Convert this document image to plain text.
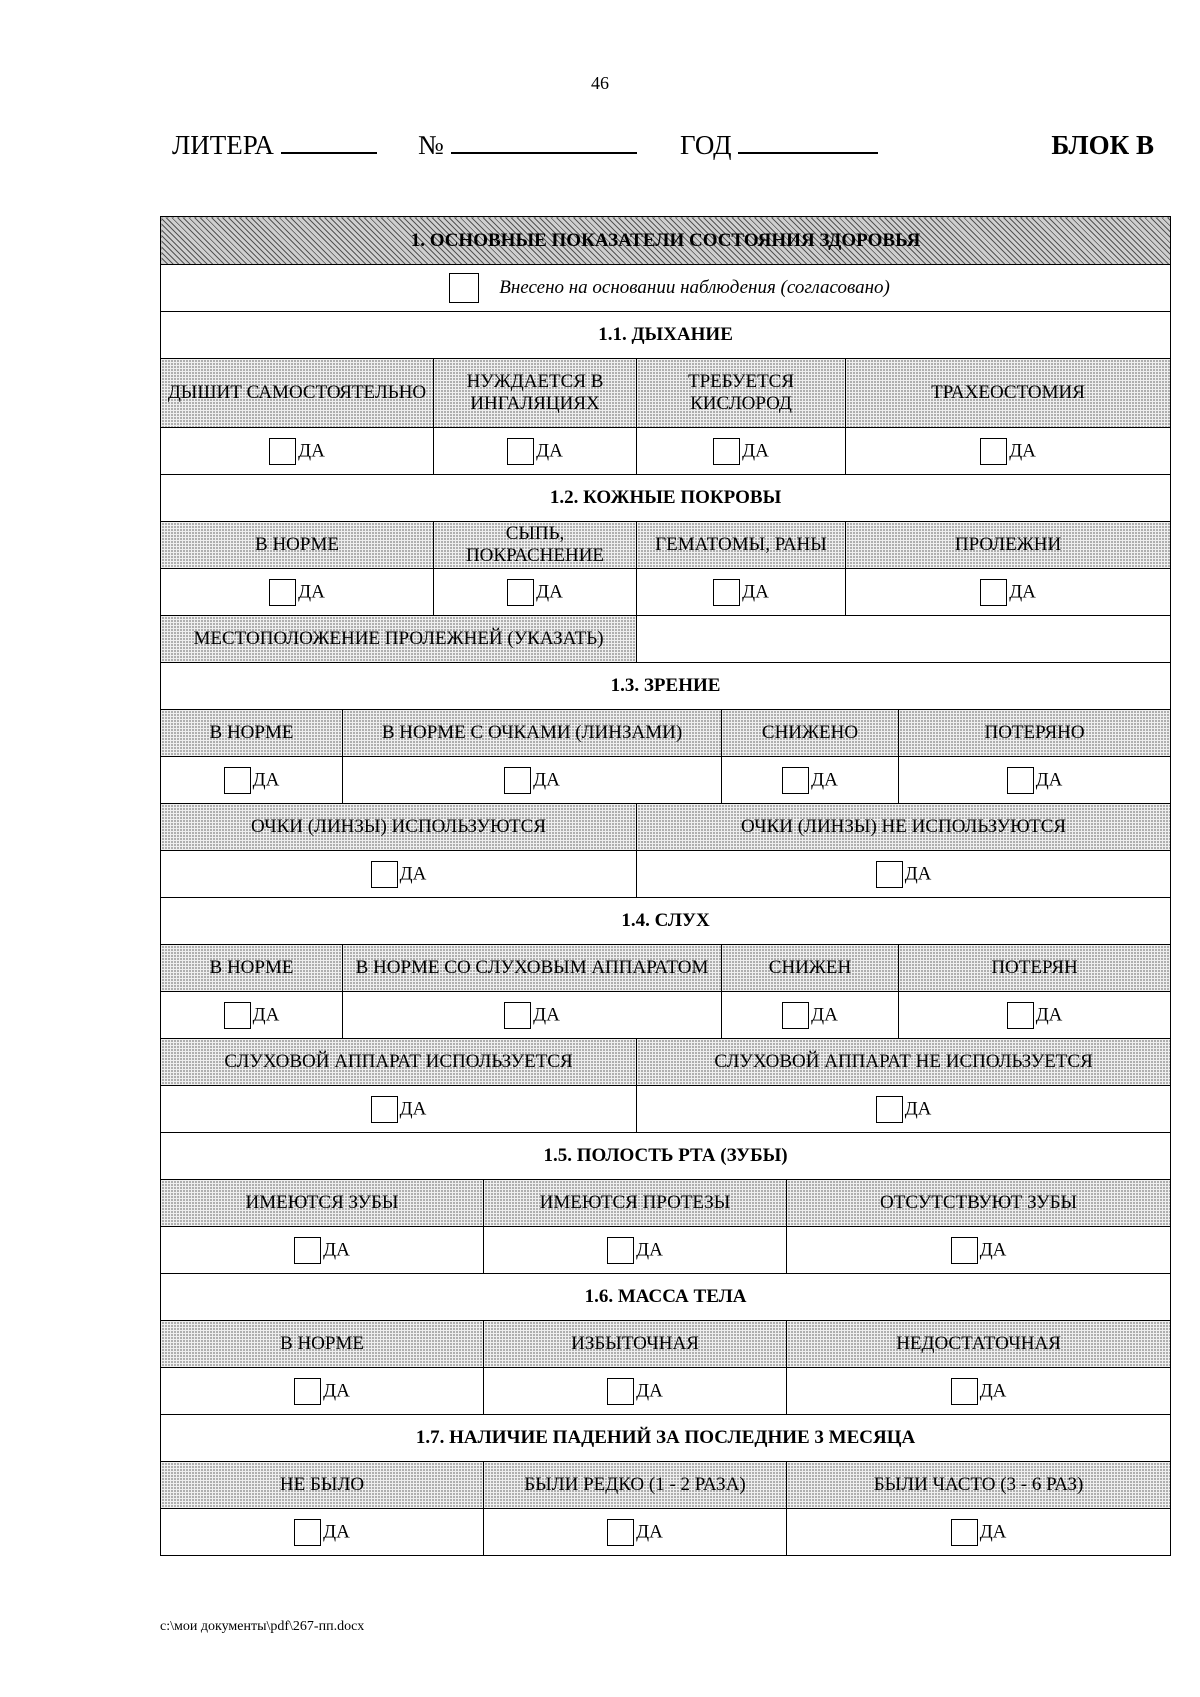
46
ЛИТЕРА	№	ГОД	БЛОК В
1. ОСНОВНЫЕ ПОКАЗАТЕЛИ СОСТОЯНИЯ ЗДОРОВЬЯ								
Внесено на основании наблюдения (согласовано)								
1.1. ДЫХАНИЕ								
ДЫШИТ САМОСТОЯТЕЛЬНО		НУЖДАЕТСЯ В ИНГАЛЯЦИЯХ		ТРЕБУЕТСЯ КИСЛОРОД			ТРАХЕОСТОМИЯ	
ДА		ДА		ДА			ДА	
1.2. КОЖНЫЕ ПОКРОВЫ								
В НОРМЕ		СЫПЬ, ПОКРАСНЕНИЕ		ГЕМАТОМЫ, РАНЫ			ПРОЛЕЖНИ	
ДА		ДА		ДА			ДА	
МЕСТОПОЛОЖЕНИЕ ПРОЛЕЖНЕЙ (УКАЗАТЬ)								
1.3. ЗРЕНИЕ								
В НОРМЕ	В НОРМЕ С ОЧКАМИ (ЛИНЗАМИ)				СНИЖЕНО			ПОТЕРЯНО
ДА	ДА				ДА			ДА
ОЧКИ (ЛИНЗЫ) ИСПОЛЬЗУЮТСЯ				ОЧКИ (ЛИНЗЫ) НЕ ИСПОЛЬЗУЮТСЯ				
ДА				ДА				
1.4. СЛУХ								
В НОРМЕ	В НОРМЕ СО СЛУХОВЫМ АППАРАТОМ				СНИЖЕН			ПОТЕРЯН
ДА	ДА				ДА			ДА
СЛУХОВОЙ АППАРАТ ИСПОЛЬЗУЕТСЯ				СЛУХОВОЙ АППАРАТ НЕ ИСПОЛЬЗУЕТСЯ				
ДА				ДА				
1.5. ПОЛОСТЬ РТА (ЗУБЫ)								
ИМЕЮТСЯ ЗУБЫ			ИМЕЮТСЯ ПРОТЕЗЫ			ОТСУТСТВУЮТ ЗУБЫ		
ДА			ДА			ДА		
1.6. МАССА ТЕЛА								
В НОРМЕ			ИЗБЫТОЧНАЯ			НЕДОСТАТОЧНАЯ		
ДА			ДА			ДА		
1.7. НАЛИЧИЕ ПАДЕНИЙ ЗА ПОСЛЕДНИЕ 3 МЕСЯЦА								
НЕ БЫЛО			БЫЛИ РЕДКО (1 - 2 РАЗА)			БЫЛИ ЧАСТО (3 - 6 РАЗ)		
ДА			ДА			ДА		
c:\мои документы\pdf\267-пп.docx
